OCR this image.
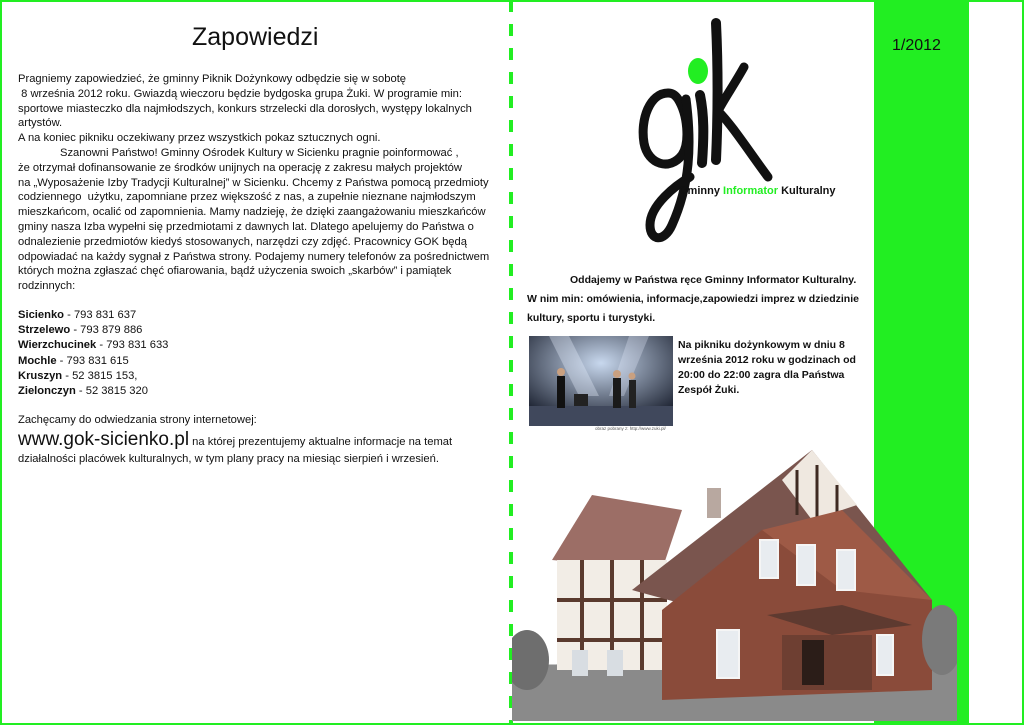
Zapowiedzi

Pragniemy zapowiedzieć, że gminny Piknik Dożynkowy odbędzie się w sobotę
8 września 2012 roku. Gwiazdą wieczoru będzie bydgoska grupa Żuki. W programie min:
sportowe miasteczko dla najmłodszych, konkurs strzelecki dla dorosłych, występy lokalnych
artystów.
A na koniec pikniku oczekiwany przez wszystkich pokaz sztucznych ogni.

Szanowni Państwo! Gminny Ośrodek Kultury w Sicienku pragnie poinformować ,

że otrzymał dofinansowanie ze środków unijnych na operację z zakresu małych projektów
na „Wyposażenie Izby Tradycji Kulturalnej” w Sicienku. Chcemy z Państwa pomocą przedmioty
codziennego  użytku, zapomniane przez większość z nas, a zupełnie nieznane najmłodszym
mieszkańcom, ocalić od zapomnienia. Mamy nadzieję, że dzięki zaangażowaniu mieszkańców
gminy nasza Izba wypełni się przedmiotami z dawnych lat. Dlatego apelujemy do Państwa o
odnalezienie przedmiotów kiedyś stosowanych, narzędzi czy zdjęć. Pracownicy GOK będą
odpowiadać na każdy sygnał z Państwa strony. Podajemy numery telefonów za pośrednictwem
których można zgłaszać chęć ofiarowania, bądź użyczenia swoich „skarbów” i pamiątek
rodzinnych:

Sicienko - 793 831 637
Strzelewo - 793 879 886
Wierzchucinek - 793 831 633
Mochle - 793 831 615
Kruszyn - 52 3815 153,
Zielonczyn - 52 3815 320
Zachęcamy do odwiedzania strony internetowej:
www.gok-sicienko.pl na której prezentujemy aktualne informacje na temat
działalności placówek kulturalnych, w tym plany pracy na miesiąc sierpień i wrzesień.
1/2012
Gminny Informator Kulturalny
Oddajemy w Państwa ręce Gminny Informator Kulturalny.
W nim min: omówienia, informacje,zapowiedzi imprez w dziedzinie kultury, sportu i turystyki.
obraz pobrany z: http://www.zuki.pl/
Na pikniku dożynkowym w dniu 8 września 2012 roku w godzinach od 20:00 do 22:00 zagra dla Państwa Zespół Żuki.
